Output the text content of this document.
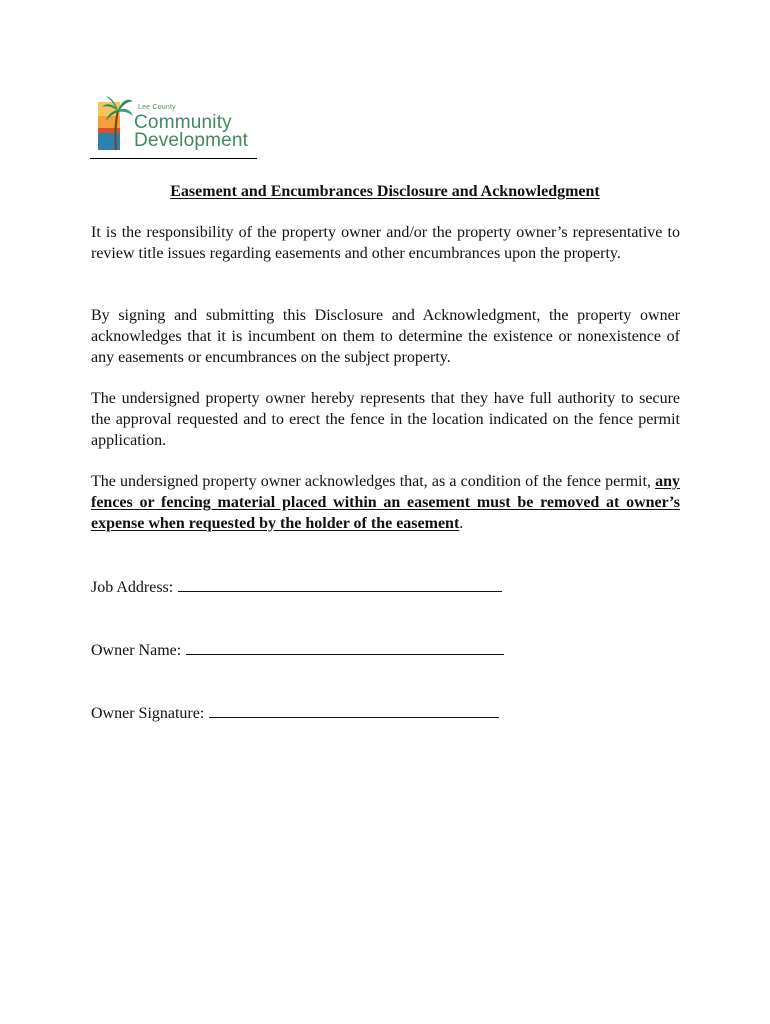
Lee County
Community
Development
Easement and Encumbrances Disclosure and Acknowledgment

It is the responsibility of the property owner and/or the property owner’s representative to review title issues regarding easements and other encumbrances upon the property.

By signing and submitting this Disclosure and Acknowledgment, the property owner acknowledges that it is incumbent on them to determine the existence or nonexistence of any easements or encumbrances on the subject property.

The undersigned property owner hereby represents that they have full authority to secure the approval requested and to erect the fence in the location indicated on the fence permit application.

The undersigned property owner acknowledges that, as a condition of the fence permit, any fences or fencing material placed within an easement must be removed at owner’s expense when requested by the holder of the easement.

Job Address:
Owner Name:
Owner Signature:
